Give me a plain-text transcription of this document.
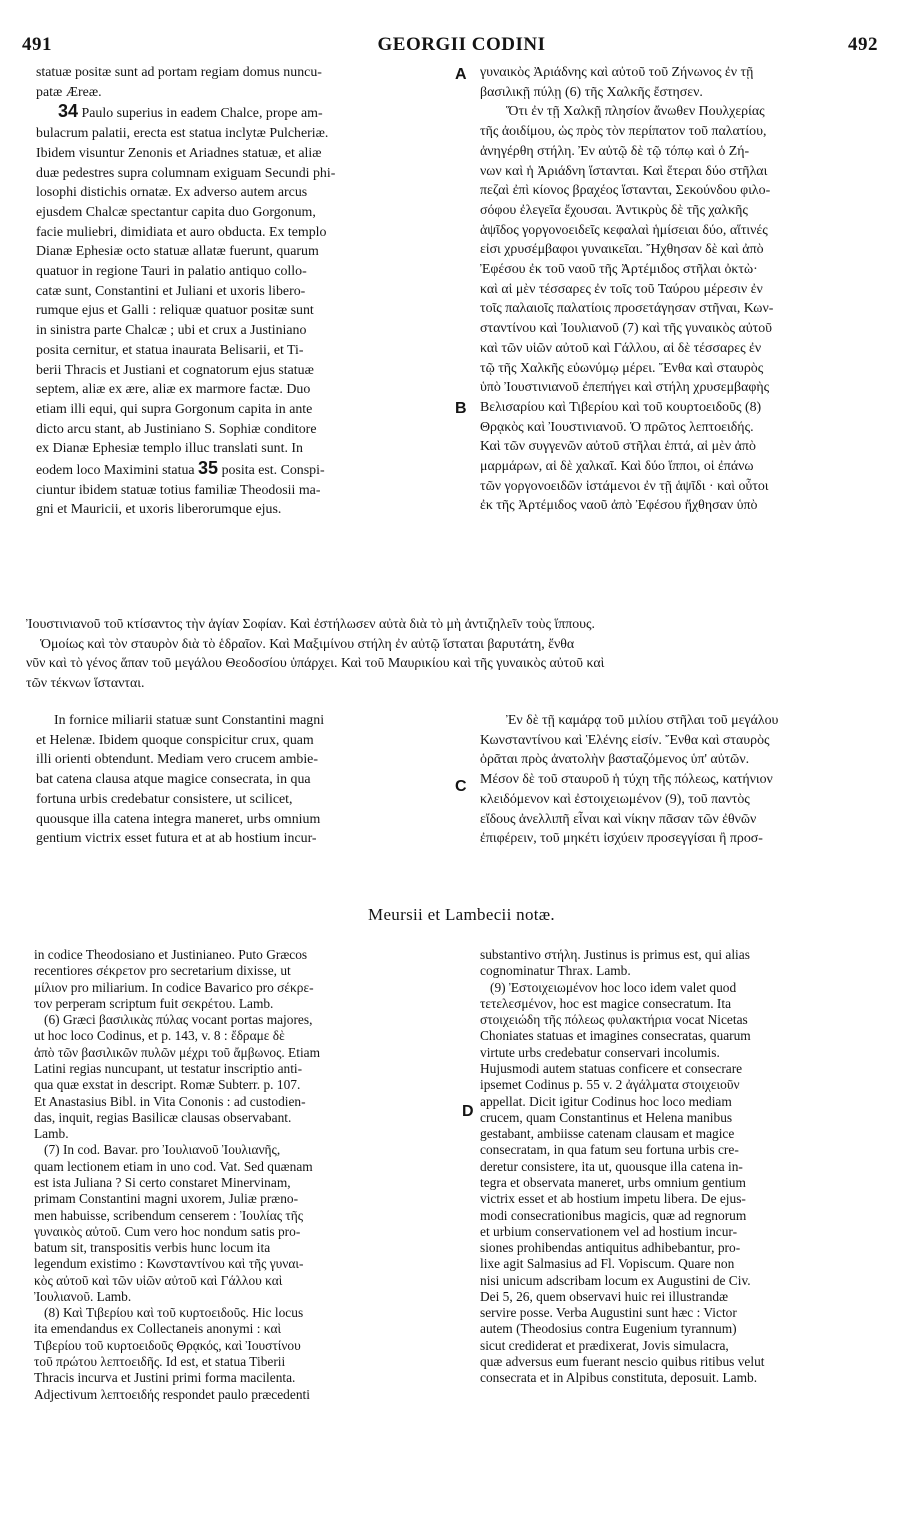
491	GEORGII CODINI	492
A
B
C
D
statuæ positæ sunt ad portam regiam domus nuncu-
patæ Æreæ.
34 Paulo superius in eadem Chalce, prope am-
bulacrum palatii, erecta est statua inclytæ Pulcheriæ.
Ibidem visuntur Zenonis et Ariadnes statuæ, et aliæ
duæ pedestres supra columnam exiguam Secundi phi-
losophi distichis ornatæ. Ex adverso autem arcus
ejusdem Chalcæ spectantur capita duo Gorgonum,
facie muliebri, dimidiata et auro obducta. Ex templo
Dianæ Ephesiæ octo statuæ allatæ fuerunt, quarum
quatuor in regione Tauri in palatio antiquo collo-
catæ sunt, Constantini et Juliani et uxoris libero-
rumque ejus et Galli : reliquæ quatuor positæ sunt
in sinistra parte Chalcæ ; ubi et crux a Justiniano
posita cernitur, et statua inaurata Belisarii, et Ti-
berii Thracis et Justiani et cognatorum ejus statuæ
septem, aliæ ex ære, aliæ ex marmore factæ. Duo
etiam illi equi, qui supra Gorgonum capita in ante
dicto arcu stant, ab Justiniano S. Sophiæ conditore
ex Dianæ Ephesiæ templo illuc translati sunt. In
eodem loco Maximini statua 35 posita est. Conspi-
ciuntur ibidem statuæ totius familiæ Theodosii ma-
gni et Mauricii, et uxoris liberorumque ejus.
γυναικὸς Ἀριάδνης καὶ αὐτοῦ τοῦ Ζήνωνος ἐν τῇ
βασιλικῇ πύλῃ (6) τῆς Χαλκῆς ἔστησεν.
Ὅτι ἐν τῇ Χαλκῇ πλησίον ἄνωθεν Πουλχερίας
τῆς ἀοιδίμου, ὡς πρὸς τὸν περίπατον τοῦ παλατίου,
ἀνηγέρθη στήλη. Ἐν αὐτῷ δὲ τῷ τόπῳ καὶ ὁ Ζή-
νων καὶ ἡ Ἀριάδνη ἵστανται. Καὶ ἕτεραι δύο στῆλαι
πεζαὶ ἐπὶ κίονος βραχέος ἵστανται, Σεκούνδου φιλο-
σόφου ἐλεγεῖα ἔχουσαι. Ἀντικρὺς δὲ τῆς χαλκῆς
ἁψῖδος γοργονοειδεῖς κεφαλαὶ ἡμίσειαι δύο, αἵτινές
εἰσι χρυσέμβαφοι γυναικεῖαι. Ἤχθησαν δὲ καὶ ἀπὸ
Ἐφέσου ἐκ τοῦ ναοῦ τῆς Ἀρτέμιδος στῆλαι ὀκτὼ·
καὶ αἱ μὲν τέσσαρες ἐν τοῖς τοῦ Ταύρου μέρεσιν ἐν
τοῖς παλαιοῖς παλατίοις προσετάγησαν στῆναι, Κων-
σταντίνου καὶ Ἰουλιανοῦ (7) καὶ τῆς γυναικὸς αὐτοῦ
καὶ τῶν υἱῶν αὐτοῦ καὶ Γάλλου, αἱ δὲ τέσσαρες ἐν
τῷ τῆς Χαλκῆς εὐωνύμῳ μέρει. Ἔνθα καὶ σταυρὸς
ὑπὸ Ἰουστινιανοῦ ἐπεπήγει καὶ στήλη χρυσεμβαφὴς
Βελισαρίου καὶ Τιβερίου καὶ τοῦ κουρτοειδοῦς (8)
Θρᾳκὸς καὶ Ἰουστινιανοῦ. Ὁ πρῶτος λεπτοειδής.
Καὶ τῶν συγγενῶν αὐτοῦ στῆλαι ἑπτά, αἱ μὲν ἀπὸ
μαρμάρων, αἱ δὲ χαλκαῖ. Καὶ δύο ἵπποι, οἱ ἐπάνω
τῶν γοργονοειδῶν ἱστάμενοι ἐν τῇ ἁψῖδι · καὶ οὗτοι
ἐκ τῆς Ἀρτέμιδος ναοῦ ἀπὸ Ἐφέσου ἤχθησαν ὑπὸ
Ἰουστινιανοῦ τοῦ κτίσαντος τὴν ἁγίαν Σοφίαν. Καὶ ἐστήλωσεν αὐτὰ διὰ τὸ μὴ ἀντιζηλεῖν τοὺς ἵππους.
Ὁμοίως καὶ τὸν σταυρὸν διὰ τὸ ἑδραῖον. Καὶ Μαξιμίνου στήλη ἐν αὐτῷ ἵσταται βαρυτάτη, ἔνθα
νῦν καὶ τὸ γένος ἅπαν τοῦ μεγάλου Θεοδοσίου ὑπάρχει. Καὶ τοῦ Μαυρικίου καὶ τῆς γυναικὸς αὐτοῦ καὶ
τῶν τέκνων ἵστανται.
In fornice miliarii statuæ sunt Constantini magni
et Helenæ. Ibidem quoque conspicitur crux, quam
illi orienti obtendunt. Mediam vero crucem ambie-
bat catena clausa atque magice consecrata, in qua
fortuna urbis credebatur consistere, ut scilicet,
quousque illa catena integra maneret, urbs omnium
gentium victrix esset futura et at ab hostium incur-
Ἐν δὲ τῇ καμάρᾳ τοῦ μιλίου στῆλαι τοῦ μεγάλου
Κωνσταντίνου καὶ Ἑλένης εἰσίν. Ἔνθα καὶ σταυρὸς
ὁρᾶται πρὸς ἀνατολὴν βασταζόμενος ὑπ' αὐτῶν.
Μέσον δὲ τοῦ σταυροῦ ἡ τύχη τῆς πόλεως, κατήνιον
κλειδόμενον καὶ ἐστοιχειωμένον (9), τοῦ παντὸς
εἴδους ἀνελλιπῆ εἶναι καὶ νίκην πᾶσαν τῶν ἐθνῶν
ἐπιφέρειν, τοῦ μηκέτι ἰσχύειν προσεγγίσαι ἢ προσ-
Meursii et Lambecii notæ.
in codice Theodosiano et Justinianeo. Puto Græcos
recentiores σέκρετον pro secretarium dixisse, ut
μίλιον pro miliarium. In codice Bavarico pro σέκρε-
τον perperam scriptum fuit σεκρέτου. Lamb.
(6) Græci βασιλικὰς πύλας vocant portas majores,
ut hoc loco Codinus, et p. 143, v. 8 : ἔδραμε δὲ
ἀπὸ τῶν βασιλικῶν πυλῶν μέχρι τοῦ ἄμβωνος. Etiam
Latini regias nuncupant, ut testatur inscriptio anti-
qua quæ exstat in descript. Romæ Subterr. p. 107.
Et Anastasius Bibl. in Vita Cononis : ad custodien-
das, inquit, regias Basilicæ clausas observabant.
Lamb.
(7) In cod. Bavar. pro Ἰουλιανοῦ Ἰουλιανῆς,
quam lectionem etiam in uno cod. Vat. Sed quænam
est ista Juliana ? Si certo constaret Minervinam,
primam Constantini magni uxorem, Juliæ præno-
men habuisse, scribendum censerem : Ἰουλίας τῆς
γυναικὸς αὐτοῦ. Cum vero hoc nondum satis pro-
batum sit, transpositis verbis hunc locum ita
legendum existimo : Κωνσταντίνου καὶ τῆς γυναι-
κὸς αὐτοῦ καὶ τῶν υἱῶν αὐτοῦ καὶ Γάλλου καὶ
Ἰουλιανοῦ. Lamb.
(8) Καὶ Τιβερίου καὶ τοῦ κυρτοειδοῦς. Hic locus
ita emendandus ex Collectaneis anonymi : καὶ
Τιβερίου τοῦ κυρτοειδοῦς Θρᾳκός, καὶ Ἰουστίνου
τοῦ πρώτου λεπτοειδῆς. Id est, et statua Tiberii
Thracis incurva et Justini primi forma macilenta.
Adjectivum λεπτοειδής respondet paulo præcedenti
substantivo στήλη. Justinus is primus est, qui alias
cognominatur Thrax. Lamb.
(9) Ἐστοιχειωμένον hoc loco idem valet quod
τετελεσμένον, hoc est magice consecratum. Ita
στοιχειώδη τῆς πόλεως φυλακτήρια vocat Nicetas
Choniates statuas et imagines consecratas, quarum
virtute urbs credebatur conservari incolumis.
Hujusmodi autem statuas conficere et consecrare
ipsemet Codinus p. 55 v. 2 ἀγάλματα στοιχειοῦν
appellat. Dicit igitur Codinus hoc loco mediam
crucem, quam Constantinus et Helena manibus
gestabant, ambiisse catenam clausam et magice
consecratam, in qua fatum seu fortuna urbis cre-
deretur consistere, ita ut, quousque illa catena in-
tegra et observata maneret, urbs omnium gentium
victrix esset et ab hostium impetu libera. De ejus-
modi consecrationibus magicis, quæ ad regnorum
et urbium conservationem vel ad hostium incur-
siones prohibendas antiquitus adhibebantur, pro-
lixe agit Salmasius ad Fl. Vopiscum. Quare non
nisi unicum adscribam locum ex Augustini de Civ.
Dei 5, 26, quem observavi huic rei illustrandæ
servire posse. Verba Augustini sunt hæc : Victor
autem (Theodosius contra Eugenium tyrannum)
sicut crediderat et prædixerat, Jovis simulacra,
quæ adversus eum fuerant nescio quibus ritibus velut
consecrata et in Alpibus constituta, deposuit. Lamb.
